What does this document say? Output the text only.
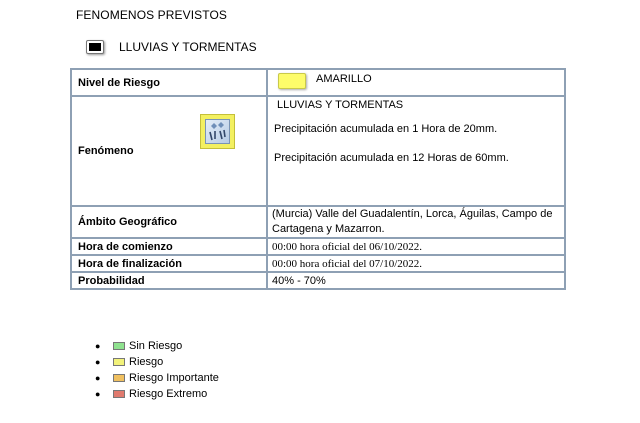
FENOMENOS PREVISTOS
LLUVIAS Y TORMENTAS
Nivel de Riesgo	AMARILLO

Fenómeno	LLUVIAS Y TORMENTAS

Precipitación acumulada en 1 Hora de 20mm.

Precipitación acumulada en 12 Horas de 60mm.

Ámbito Geográfico	(Murcia) Valle del Guadalentín, Lorca, Águilas, Campo de Cartagena y Mazarron.
Hora de comienzo	00:00 hora oficial del 06/10/2022.
Hora de finalización	00:00 hora oficial del 07/10/2022.
Probabilidad	40% - 70%
●	Sin Riesgo
●	Riesgo
●	Riesgo Importante
●	Riesgo Extremo
